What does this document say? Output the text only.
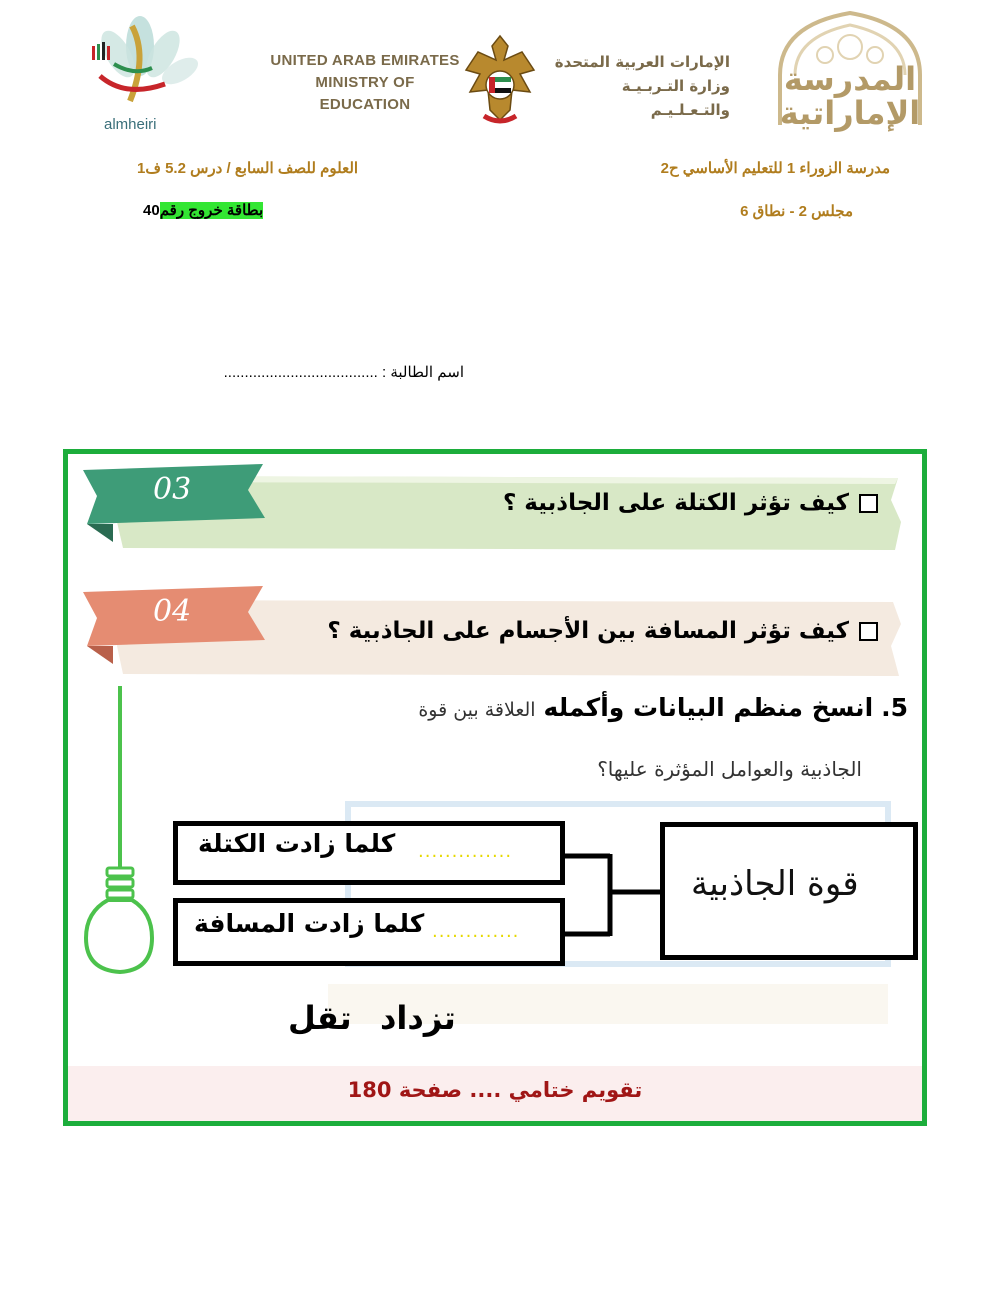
almheiri
UNITED ARAB EMIRATES
MINISTRY OF EDUCATION
الإمارات العربية المتحدة
وزارة التـربـيـة والتـعـلـيـم
المدرسة
الإماراتية
مدرسة الزوراء 1 للتعليم الأساسي ح2
العلوم للصف السابع / درس 5.2 ف1
مجلس 2 - نطاق 6
بطاقة خروج رقم40
اسم الطالبة : .....................................
03	كيف تؤثر الكتلة على الجاذبية ؟
04
كيف تؤثر المسافة بين الأجسام على الجاذبية ؟
5. انسخ منظم البيانات وأكمله العلاقة بين قوة
الجاذبية والعوامل المؤثرة عليها؟
قوة الجاذبية
كلما زادت الكتلة ..............
كلما زادت المسافة .............
تزداد
تقل
تقويم ختامي .... صفحة 180
